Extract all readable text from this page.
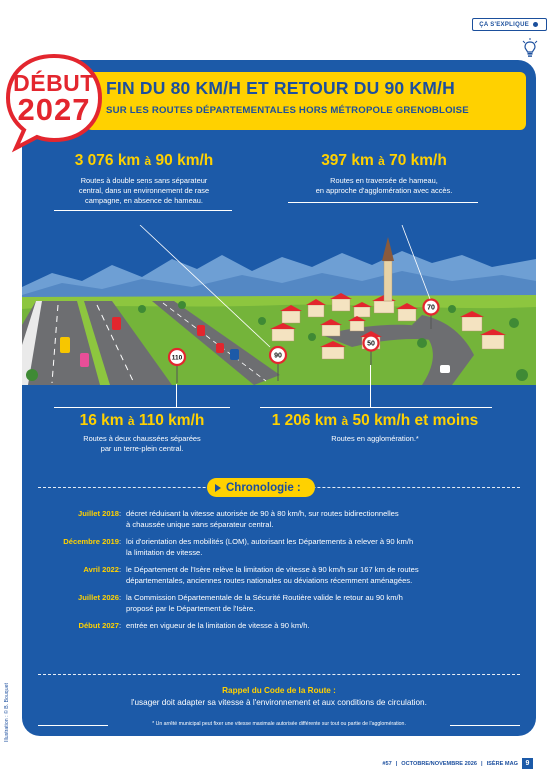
ÇA S'EXPLIQUE
FIN DU 80 KM/H ET RETOUR DU 90 KM/H
SUR LES ROUTES DÉPARTEMENTALES HORS MÉTROPOLE GRENOBLOISE
3 076 km à 90 km/h
Routes à double sens sans séparateur
central, dans un environnement de rase
campagne, en absence de hameau.
397 km à 70 km/h
Routes en traversée de hameau,
en approche d'agglomération avec accès.
110	90
50
70
16 km à 110 km/h
Routes à deux chaussées séparées
par un terre-plein central.
1 206 km à 50 km/h et moins
Routes en agglomération.*
Chronologie :
Juillet 2018 : décret réduisant la vitesse autorisée de 90 à 80 km/h, sur routes bidirectionnelles
à chaussée unique sans séparateur central.
Décembre 2019 : loi d'orientation des mobilités (LOM), autorisant les Départements à relever à 90 km/h
la limitation de vitesse.
Avril 2022 : le Département de l'Isère relève la limitation de vitesse à 90 km/h sur 167 km de routes
départementales, anciennes routes nationales ou déviations récemment aménagées.
Juillet 2026 : la Commission Départementale de la Sécurité Routière valide le retour au 90 km/h
proposé par le Département de l'Isère.
Début 2027 : entrée en vigueur de la limitation de vitesse à 90 km/h.
Rappel du Code de la Route :
l'usager doit adapter sa vitesse à l'environnement et aux conditions de circulation.
* Un arrêté municipal peut fixer une vitesse maximale autorisée différente sur tout ou partie de l'agglomération.
DÉBUT
2027
Illustration : © B. Bouquet
#57 | OCTOBRE/NOVEMBRE 2026 | ISÈRE MAG	9
